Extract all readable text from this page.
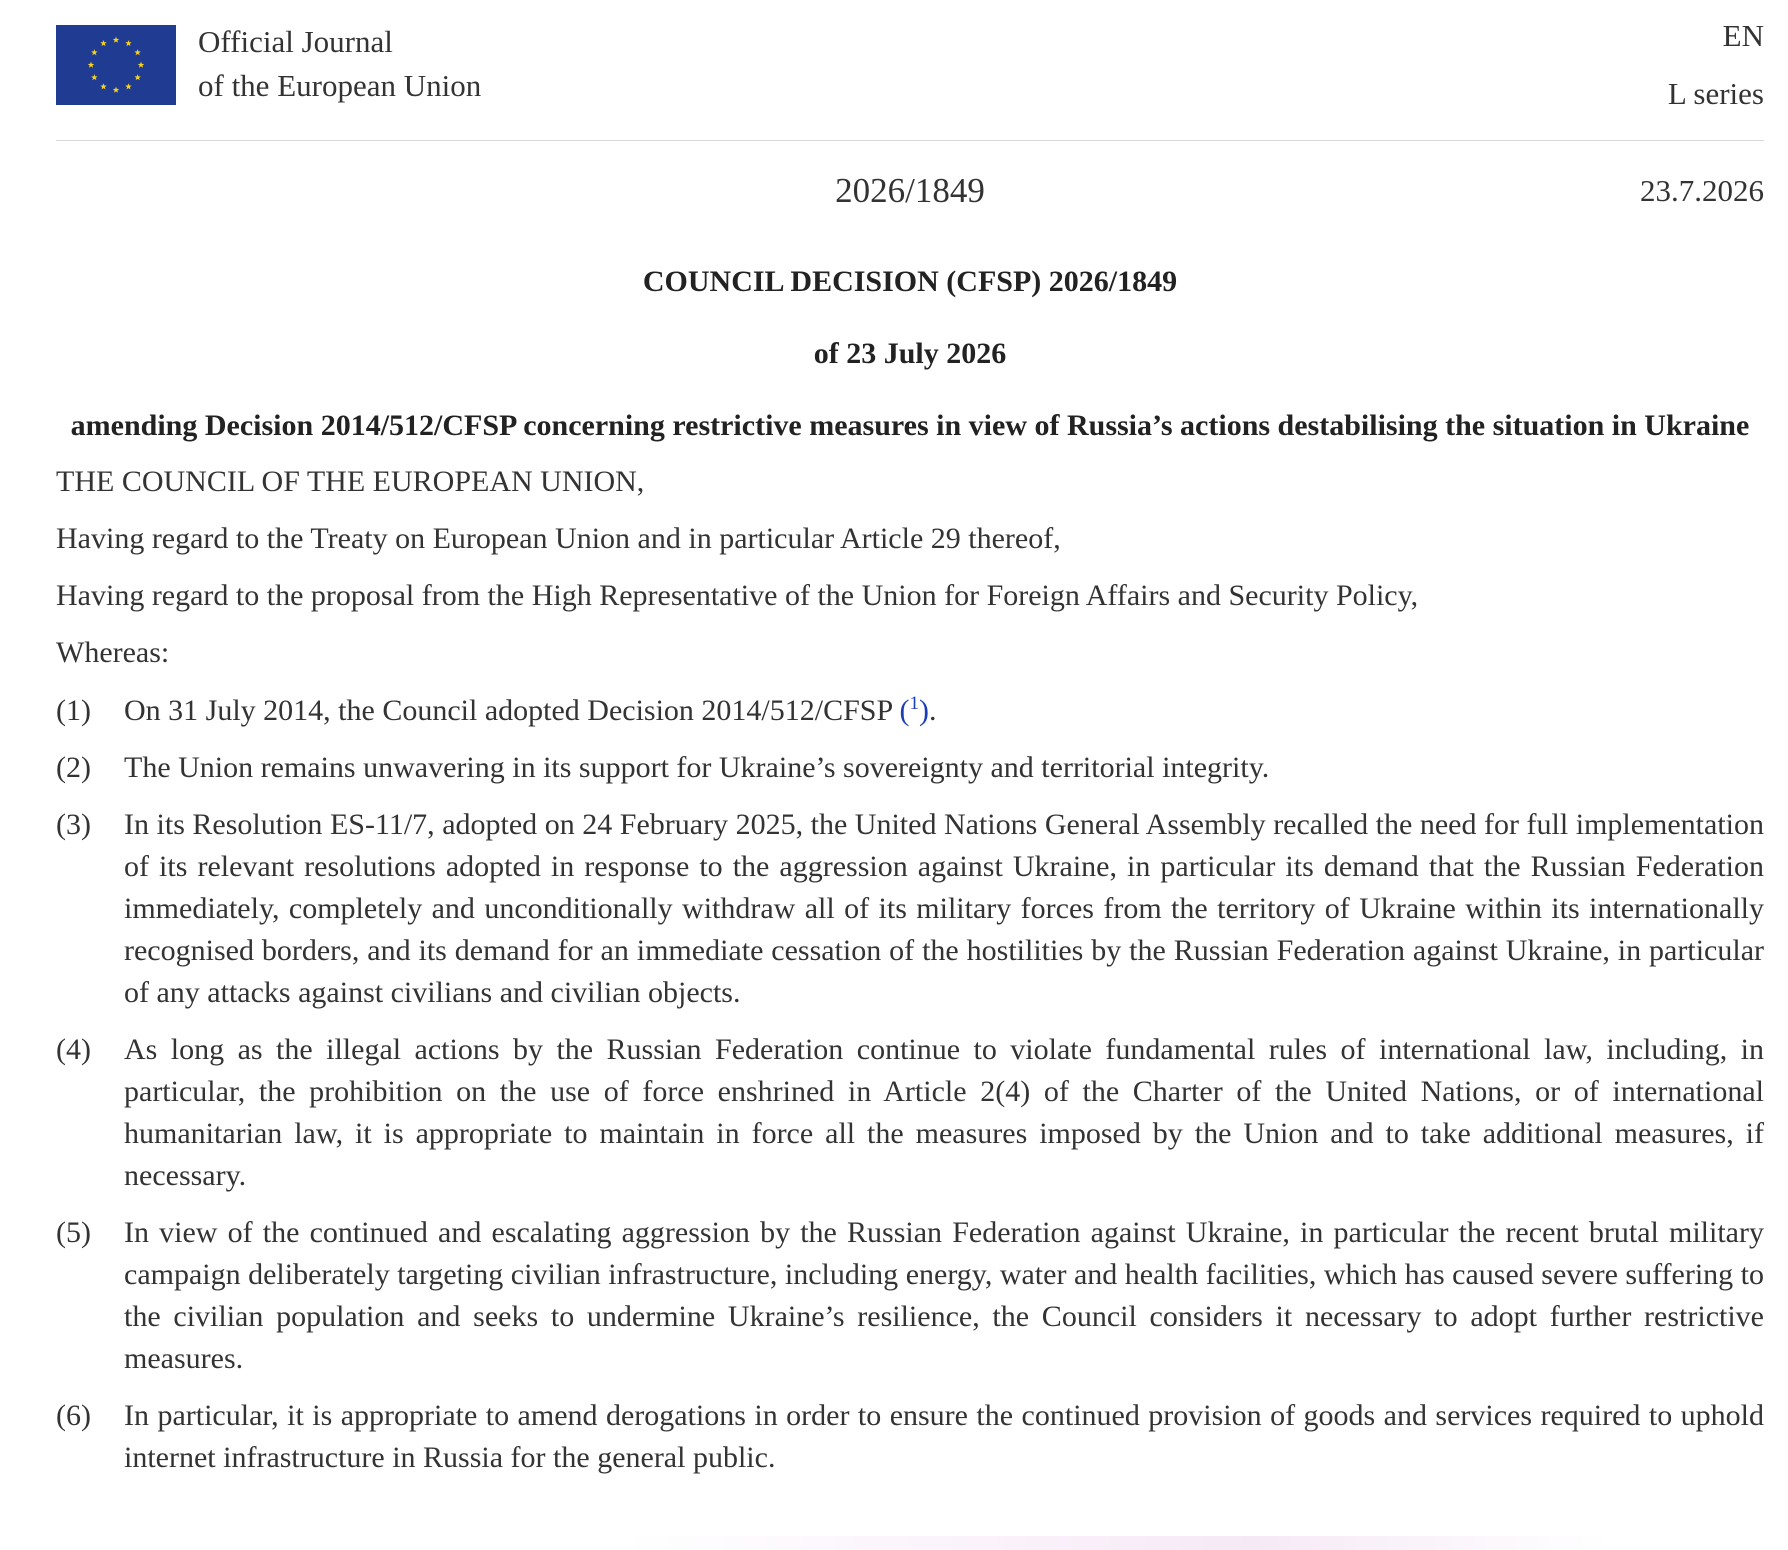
Official Journal
of the European Union
EN
L series
2026/1849	23.7.2026
COUNCIL DECISION (CFSP) 2026/1849
of 23 July 2026
amending Decision 2014/512/CFSP concerning restrictive measures in view of Russia’s actions destabilising the situation in Ukraine
THE COUNCIL OF THE EUROPEAN UNION,
Having regard to the Treaty on European Union and in particular Article 29 thereof,
Having regard to the proposal from the High Representative of the Union for Foreign Affairs and Security Policy,
Whereas:
(1)	On 31 July 2014, the Council adopted Decision 2014/512/CFSP ($^1$).
(2)	The Union remains unwavering in its support for Ukraine’s sovereignty and territorial integrity.
(3)	In its Resolution ES-11/7, adopted on 24 February 2025, the United Nations General Assembly recalled the need for full implementation of its relevant resolutions adopted in response to the aggression against Ukraine, in particular its demand that the Russian Federation immediately, completely and unconditionally withdraw all of its military forces from the territory of Ukraine within its internationally recognised borders, and its demand for an immediate cessation of the hostilities by the Russian Federation against Ukraine, in particular of any attacks against civilians and civilian objects.
(4)	As long as the illegal actions by the Russian Federation continue to violate fundamental rules of international law, including, in particular, the prohibition on the use of force enshrined in Article 2(4) of the Charter of the United Nations, or of international humanitarian law, it is appropriate to maintain in force all the measures imposed by the Union and to take additional measures, if necessary.
(5)	In view of the continued and escalating aggression by the Russian Federation against Ukraine, in particular the recent brutal military campaign deliberately targeting civilian infrastructure, including energy, water and health facilities, which has caused severe suffering to the civilian population and seeks to undermine Ukraine’s resilience, the Council considers it necessary to adopt further restrictive measures.
(6)	In particular, it is appropriate to amend derogations in order to ensure the continued provision of goods and services required to uphold internet infrastructure in Russia for the general public.
